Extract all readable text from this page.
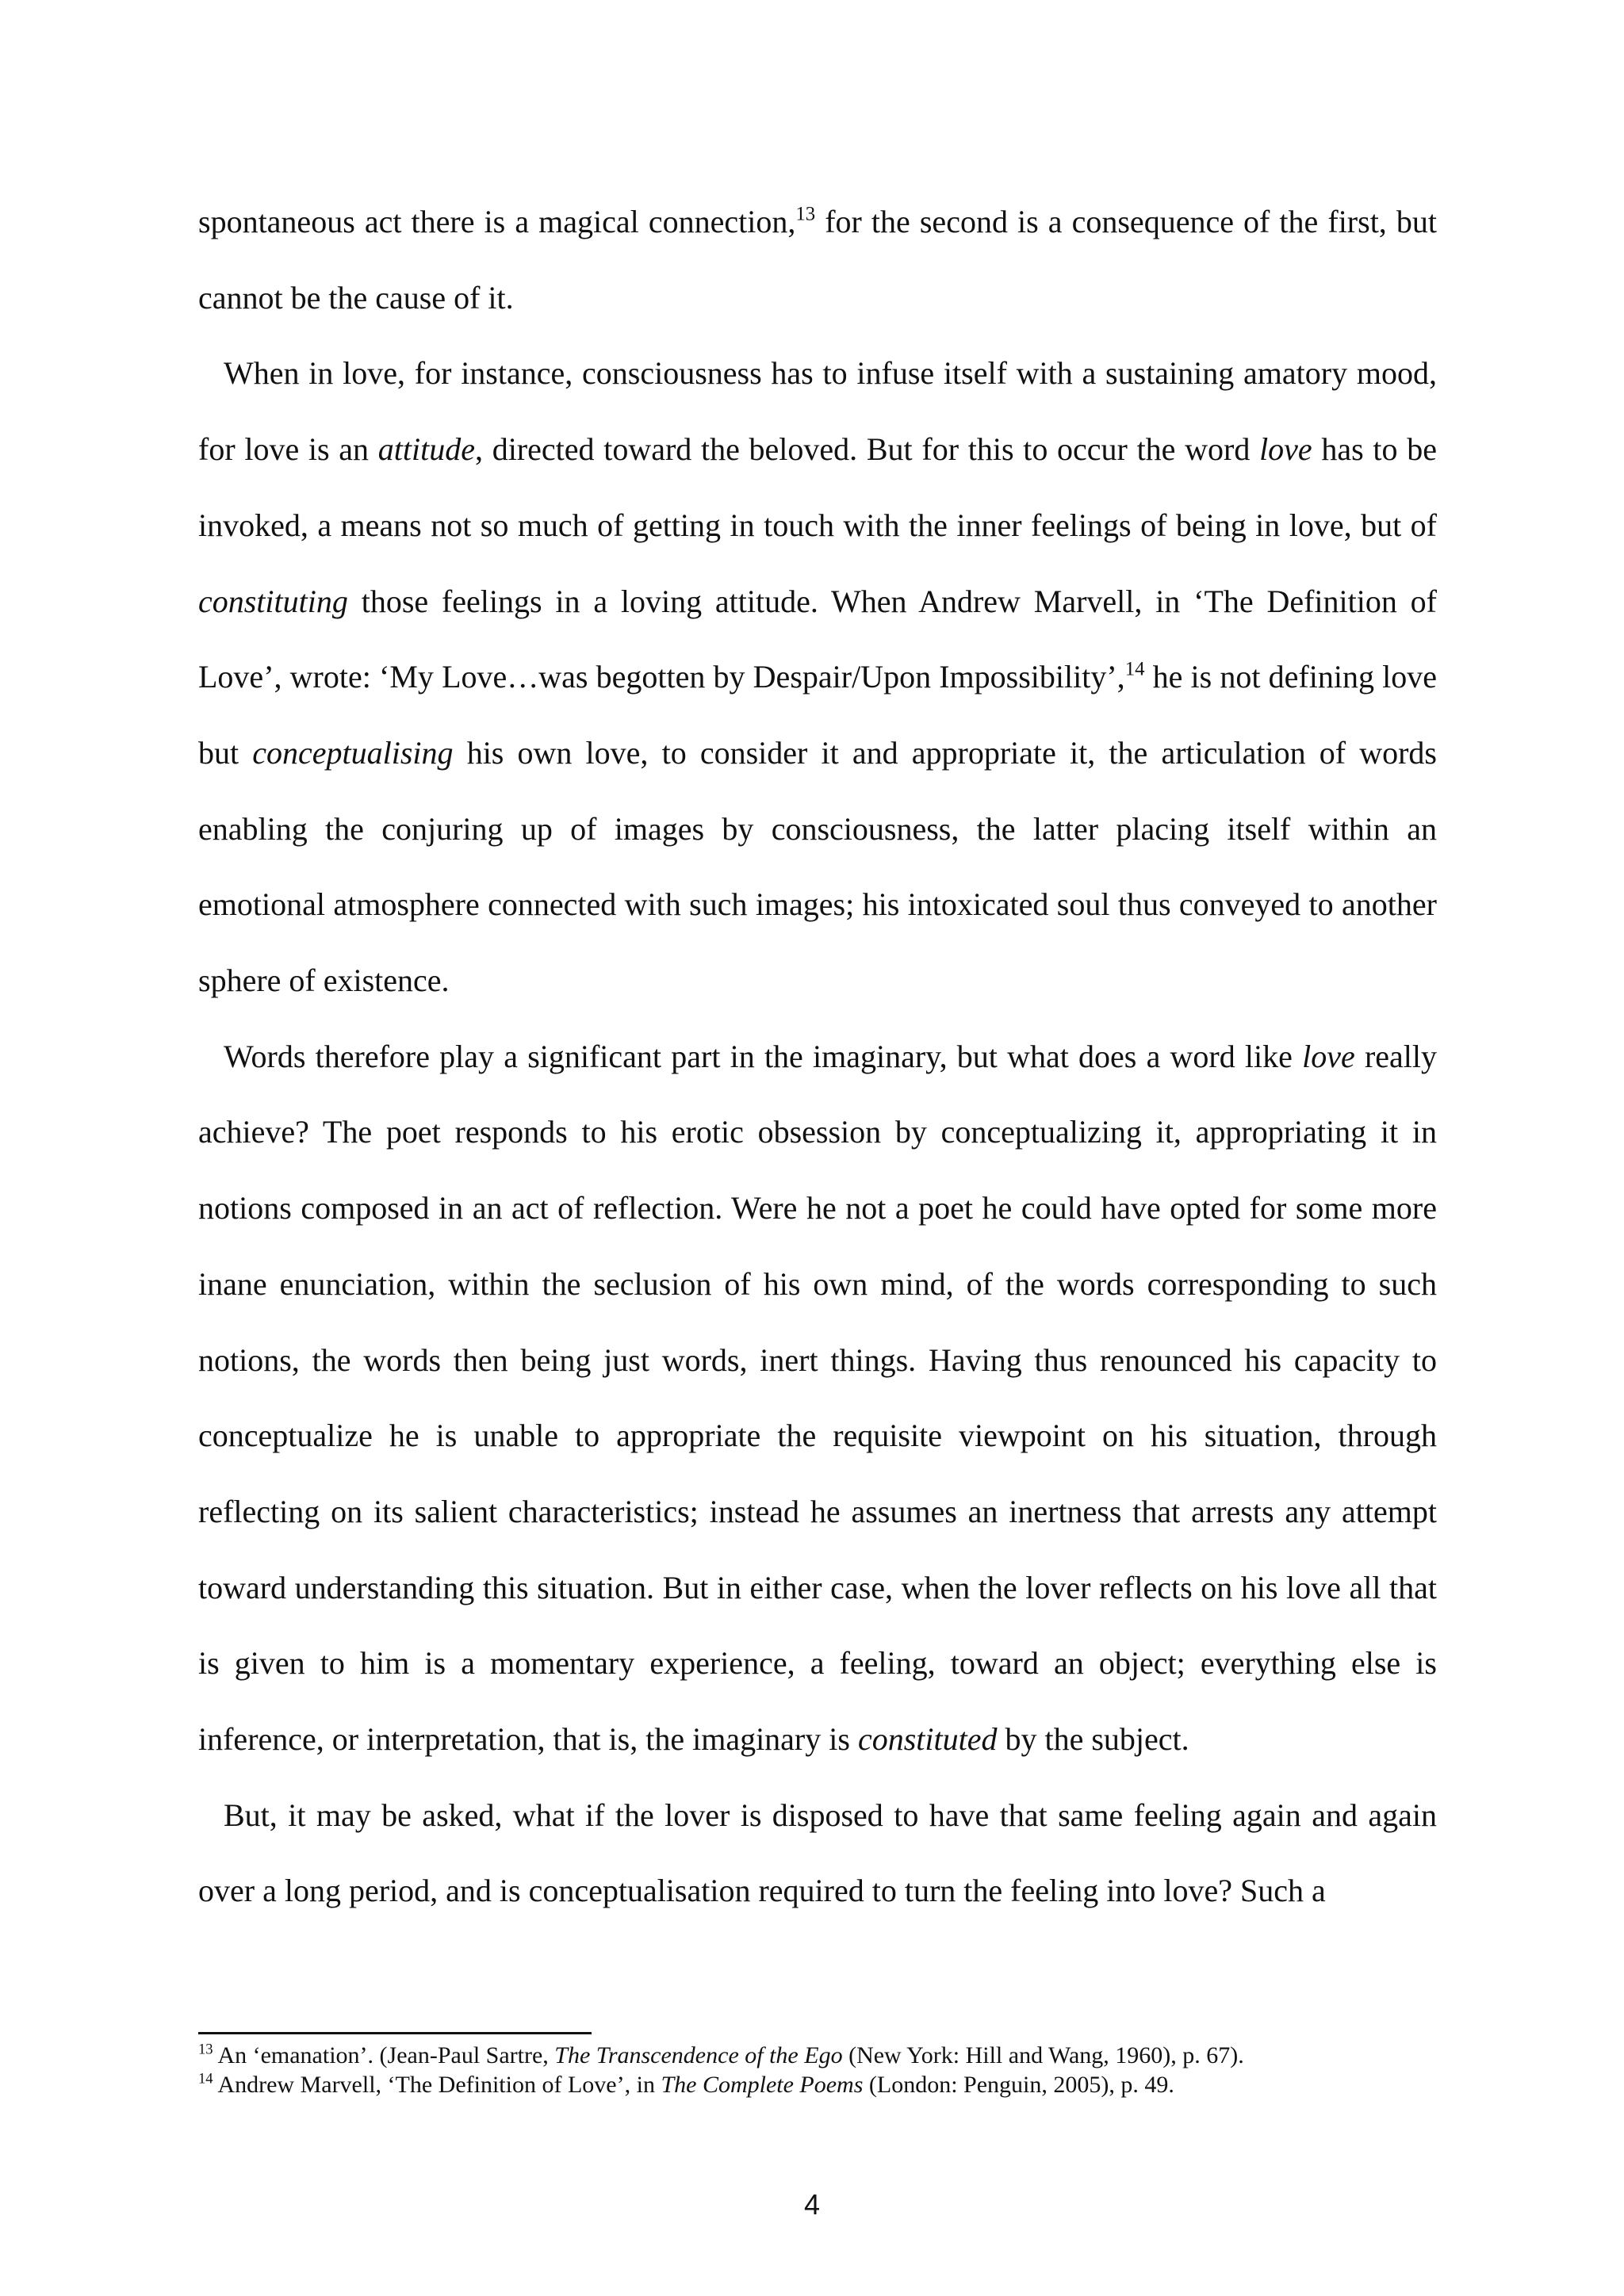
spontaneous act there is a magical connection,$^{13}$ for the second is a consequence of the first, but cannot be the cause of it.

When in love, for instance, consciousness has to infuse itself with a sustaining amatory mood, for love is an attitude, directed toward the beloved. But for this to occur the word love has to be invoked, a means not so much of getting in touch with the inner feelings of being in love, but of constituting those feelings in a loving attitude. When Andrew Marvell, in ‘The Definition of Love’, wrote: ‘My Love…was begotten by Despair/Upon Impossibility’,$^{14}$ he is not defining love but conceptualising his own love, to consider it and appropriate it, the articulation of words enabling the conjuring up of images by consciousness, the latter placing itself within an emotional atmosphere connected with such images; his intoxicated soul thus conveyed to another sphere of existence.

Words therefore play a significant part in the imaginary, but what does a word like love really achieve? The poet responds to his erotic obsession by conceptualizing it, appropriating it in notions composed in an act of reflection. Were he not a poet he could have opted for some more inane enunciation, within the seclusion of his own mind, of the words corresponding to such notions, the words then being just words, inert things. Having thus renounced his capacity to conceptualize he is unable to appropriate the requisite viewpoint on his situation, through reflecting on its salient characteristics; instead he assumes an inertness that arrests any attempt toward understanding this situation. But in either case, when the lover reflects on his love all that is given to him is a momentary experience, a feeling, toward an object; everything else is inference, or interpretation, that is, the imaginary is constituted by the subject.

But, it may be asked, what if the lover is disposed to have that same feeling again and again over a long period, and is conceptualisation required to turn the feeling into love? Such a

$^{13}$ An ‘emanation’. (Jean-Paul Sartre, The Transcendence of the Ego (New York: Hill and Wang, 1960), p. 67).
$^{14}$ Andrew Marvell, ‘The Definition of Love’, in The Complete Poems (London: Penguin, 2005), p. 49.
4
